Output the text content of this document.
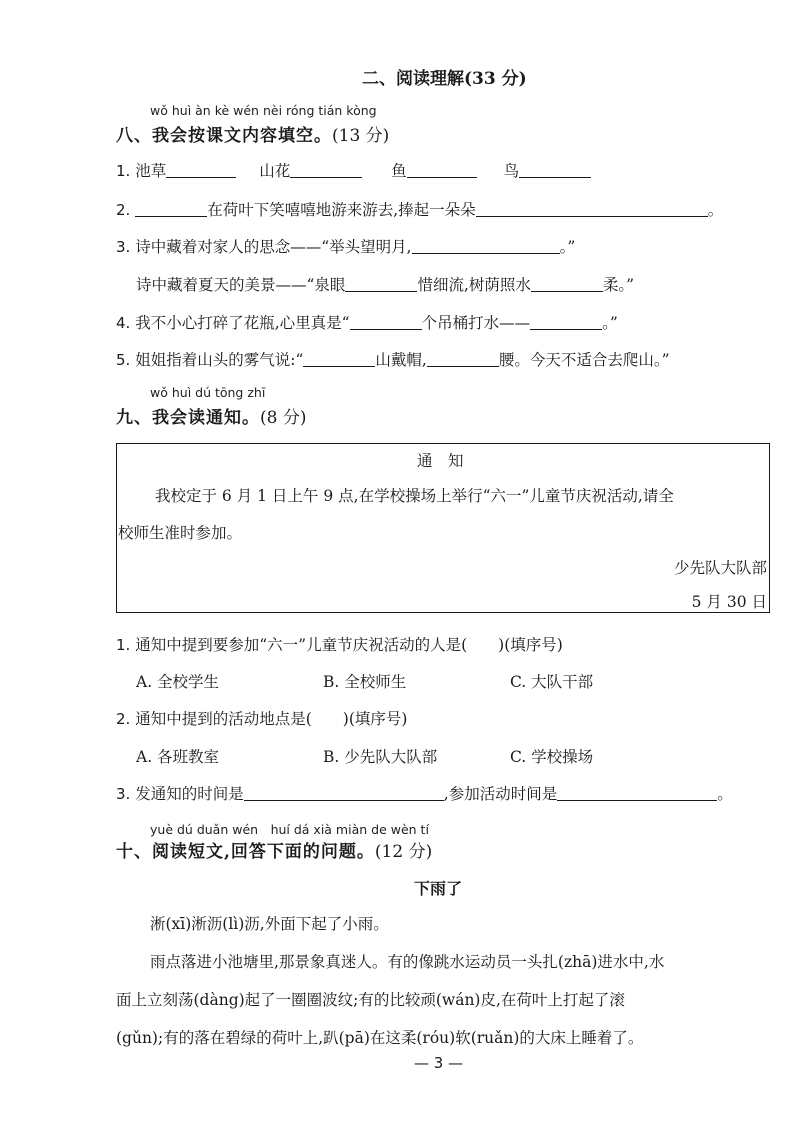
二、阅读理解(33 分)
wǒ huì àn kè wén nèi róng tián kòng
八、我会按课文内容填空。(13 分)
1. 池草	山花	鱼	鸟
2.	在荷叶下笑嘻嘻地游来游去,捧起一朵朵	。
3. 诗中藏着对家人的思念——“举头望明月,	。”
诗中藏着夏天的美景——“泉眼	惜细流,树荫照水	柔。”
4. 我不小心打碎了花瓶,心里真是“	个吊桶打水——	。”
5. 姐姐指着山头的雾气说:“	山戴帽,	腰。今天不适合去爬山。”
wǒ huì dú tōng zhī
九、我会读通知。(8 分)
通　知
我校定于 6 月 1 日上午 9 点,在学校操场上举行“六一”儿童节庆祝活动,请全
校师生准时参加。
少先队大队部
5 月 30 日
1. 通知中提到要参加“六一”儿童节庆祝活动的人是(　　)(填序号)
A. 全校学生	B. 全校师生	C. 大队干部
2. 通知中提到的活动地点是(　　)(填序号)
A. 各班教室	B. 少先队大队部	C. 学校操场
3. 发通知的时间是	,参加活动时间是	。
yuè dú duǎn wén　huí dá xià miàn de wèn tí
十、阅读短文,回答下面的问题。(12 分)
下雨了
淅(xī)淅沥(lì)沥,外面下起了小雨。
雨点落进小池塘里,那景象真迷人。有的像跳水运动员一头扎(zhā)进水中,水
面上立刻荡(dàng)起了一圈圈波纹;有的比较顽(wán)皮,在荷叶上打起了滚
(gǔn);有的落在碧绿的荷叶上,趴(pā)在这柔(róu)软(ruǎn)的大床上睡着了。
— 3 —
